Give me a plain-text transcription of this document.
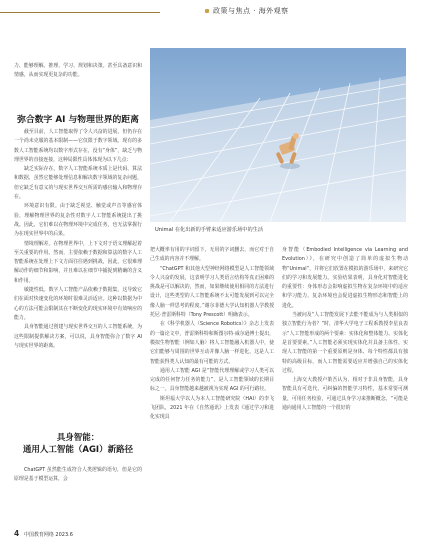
政策与焦点 · 海外观察

力、能够理解、推理、学习、规划和决策。甚至具备意识和情感，从而实现更复杂的功能。

弥合数字 AI 与物理世界的距离

截至目前，人工智能取得了令人兴奋的进展，但仍存在一个尚未克服的基本限制——它仅限于数字领域。现有的多数人工智能系统均以数字形式存在，没有“身体”，缺乏与物理世界的直接连接，这种局限性具体体现为以下几点：

缺乏实际存在。数字人工智能系统本质上是代码、算法和数据，虽然它能够处理信息和解决数字领域的复杂问题，但它缺乏有意义的与现实世界交互所需的感官输入和物理存在。

环境意识有限。由于缺乏视觉、触觉或声音等感官体验，理解物理世界的复杂性对数字人工智能系统提出了挑战。因此，它们难以在物理环境中完成任务，也无法掌握行为在现实世界中的后果。

情境理解差。在物理世界中，上下文对于语义理解起着至关重要的作用。然而，主要依赖于数据和算法的数字人工智能系统在处理上下文方面往往遇到挑战，因此，它很难理解动作的细节和影响，并且难以在细节中捕捉到精确的含义和作用。

敏捷性低。数字人工智能产品依赖于数据集，这导致它们在面对快速变化的环境时很难灵活适应。这种以数据为中心的方法可能会限制其在不断变化的现实环境中有效响应的能力。

具身智能通过创建与现实世界交互的人工智能系统，为这些限制提供解决方案，可以说，具身智能弥合了数字 AI 与现实世界的距离。

具身智能：
通用人工智能（AGI）新路径

ChatGPT 虽然能生成符合人类逻辑的语句，但是它的原理是基于模型运算，会

Unimal 在化出新的手臂来适应游乐场中的生活

把大概率有用的字词留下，无用的字词删去，而它对于自己生成的内容并不理解。

“ChatGPT 和其他大型神经网络模型是人工智能领域令人兴奋的发展，这表明学习人类语言结构等真正困难的挑战是可以解决的，然而，如果继续使用相同的方法进行设计，这些类型的人工智能系统不太可能发展到可以完全像人脑一样思考的程度。”谢尔菲德大学认知机器人学教授托尼·普雷斯科特（Tony Prescott）明确表示。

在《科学机器人（Science Robotics）》杂志上发表的一篇论文中，普雷斯科特和斯图尔特·威尔逊博士提出，模拟生物智能（例如人脑）将人工智能融入机器人中，使它们能够与周围的世界互动并像人脑一样进化，这是人工智能获得类人认知的最有可能的方式。

通用人工智能 AGI 是“智能代理理解或学习人类可以完成的任何智力任务的能力”，是人工智能领域的长期目标之一。具身智能越来越被视为实现 AGI 的可行路径。

斯坦福大学以人为本人工智能研究院（HAI）的李飞飞团队，2021 年在《自然通讯》上发表《通过学习和进化实现具

身智能（Embodied Intelligence via Learning and Evolution）》，在研究中创造了简单的虚拟生物动物“Unimal”，并将它们放置在模拟的游乐场中，来研究它们的学习和发展能力。实验结果表明，具身化对智能进化的重要性：身体形态会影响虚拟生物在复杂环境中的适应和学习能力，复杂环境也会促进虚拟生物形态和智能上的进化。

当被问及“人工智能发展下去能不能成为与人类相似的独立智能行为者？”时，清华大学电子工程系教授李星良表示“人工智能形成的两个要素：实体化和整体能力、实体化是首要要素。”人工智能必须实现实体化并具备主体性，实现人工智能的第一个重要原则是身体、每个特性都具有独特的高级目标，而人工智能需要适应并增强自己的实体化过程。

上海交大教授卢策吾认为，相对于非具身智能，具身智能具有可迭代、可纠偏的智能学习特性，基本常要可测量，可用任务校验，可通过具身学习来推断概念，“可能是通向通用人工智能的一个很好的

4 中国教育网络 2023.6
